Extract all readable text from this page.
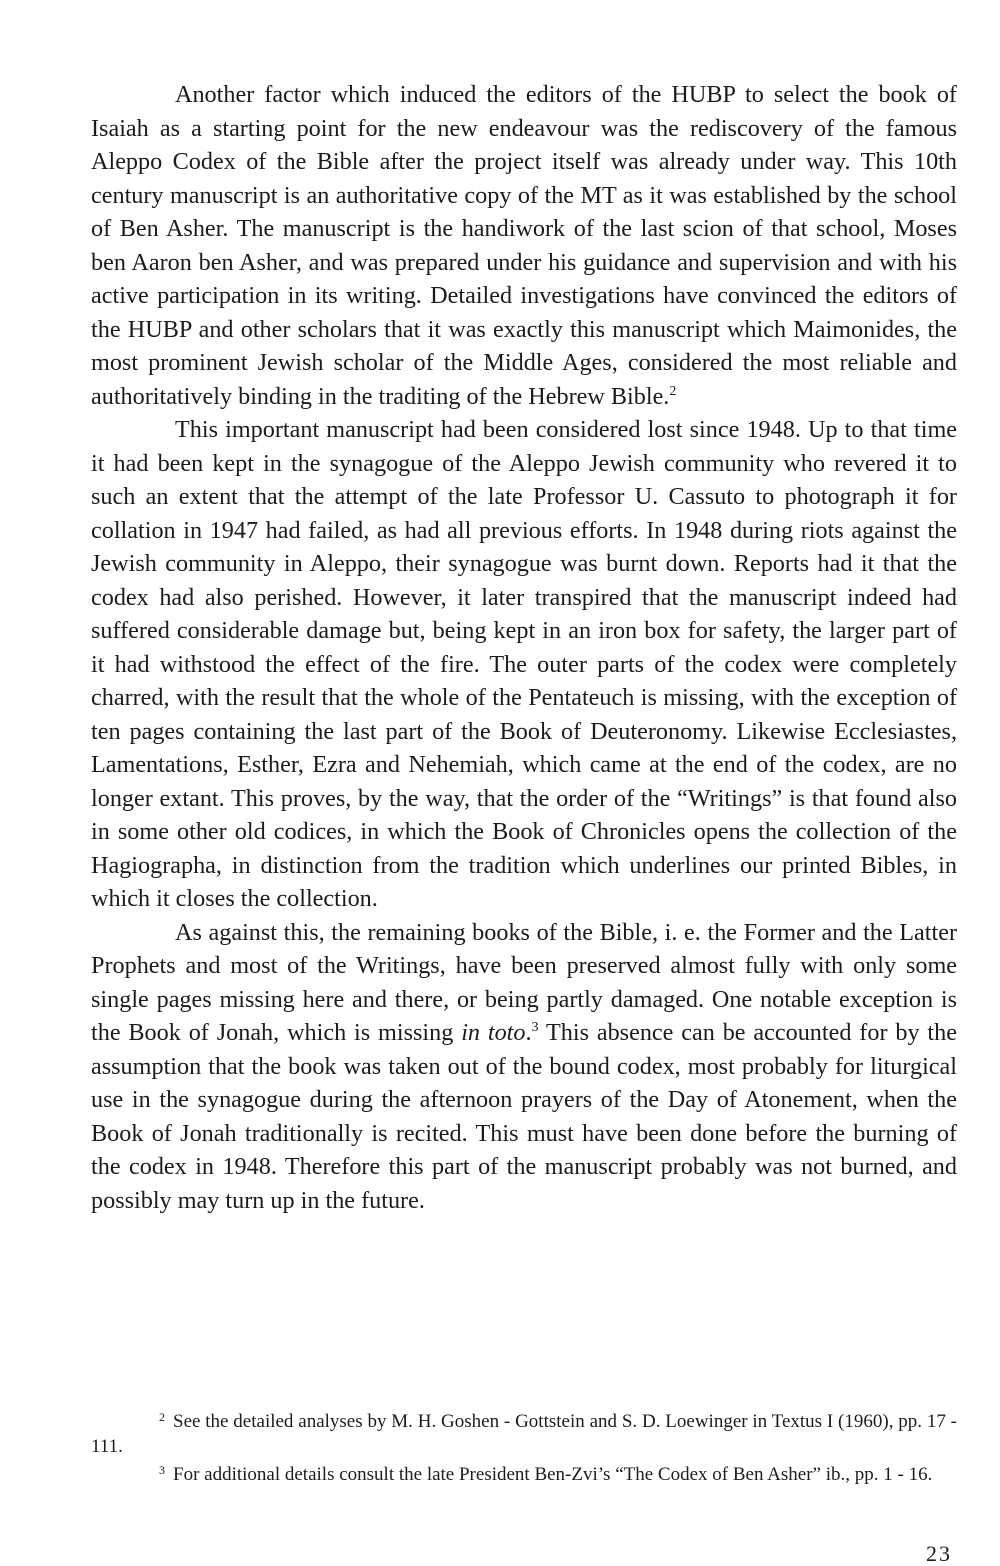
Another factor which induced the editors of the HUBP to select the book of Isaiah as a starting point for the new endeavour was the rediscovery of the famous Aleppo Codex of the Bible after the project itself was already under way. This 10th century manuscript is an authoritative copy of the MT as it was established by the school of Ben Asher. The manuscript is the handiwork of the last scion of that school, Moses ben Aaron ben Asher, and was prepared under his guidance and supervision and with his active participation in its writing. Detailed investigations have convinced the editors of the HUBP and other scholars that it was exactly this manuscript which Maimonides, the most prominent Jewish scholar of the Middle Ages, considered the most reliable and authoritatively binding in the traditing of the Hebrew Bible.$^2$

This important manuscript had been considered lost since 1948. Up to that time it had been kept in the synagogue of the Aleppo Jewish community who revered it to such an extent that the attempt of the late Professor U. Cassuto to photograph it for collation in 1947 had failed, as had all previous efforts. In 1948 during riots against the Jewish community in Aleppo, their synagogue was burnt down. Reports had it that the codex had also perished. However, it later transpired that the manuscript indeed had suffered considerable damage but, being kept in an iron box for safety, the larger part of it had withstood the effect of the fire. The outer parts of the codex were completely charred, with the result that the whole of the Pentateuch is missing, with the exception of ten pages containing the last part of the Book of Deuteronomy. Likewise Ecclesiastes, Lamentations, Esther, Ezra and Nehemiah, which came at the end of the codex, are no longer extant. This proves, by the way, that the order of the “Writings” is that found also in some other old codices, in which the Book of Chronicles opens the collection of the Hagiographa, in distinction from the tradition which underlines our printed Bibles, in which it closes the collection.

As against this, the remaining books of the Bible, i. e. the Former and the Latter Prophets and most of the Writings, have been preserved almost fully with only some single pages missing here and there, or being partly damaged. One notable exception is the Book of Jonah, which is missing in toto.$^3$ This absence can be accounted for by the assumption that the book was taken out of the bound codex, most probably for liturgical use in the synagogue during the afternoon prayers of the Day of Atonement, when the Book of Jonah traditionally is recited. This must have been done before the burning of the codex in 1948. Therefore this part of the manuscript probably was not burned, and possibly may turn up in the future.

$^2$ See the detailed analyses by M. H. Goshen - Gottstein and S. D. Loewinger in Textus I (1960), pp. 17 - 111.

$^3$ For additional details consult the late President Ben-Zvi’s “The Codex of Ben Asher” ib., pp. 1 - 16.

23
